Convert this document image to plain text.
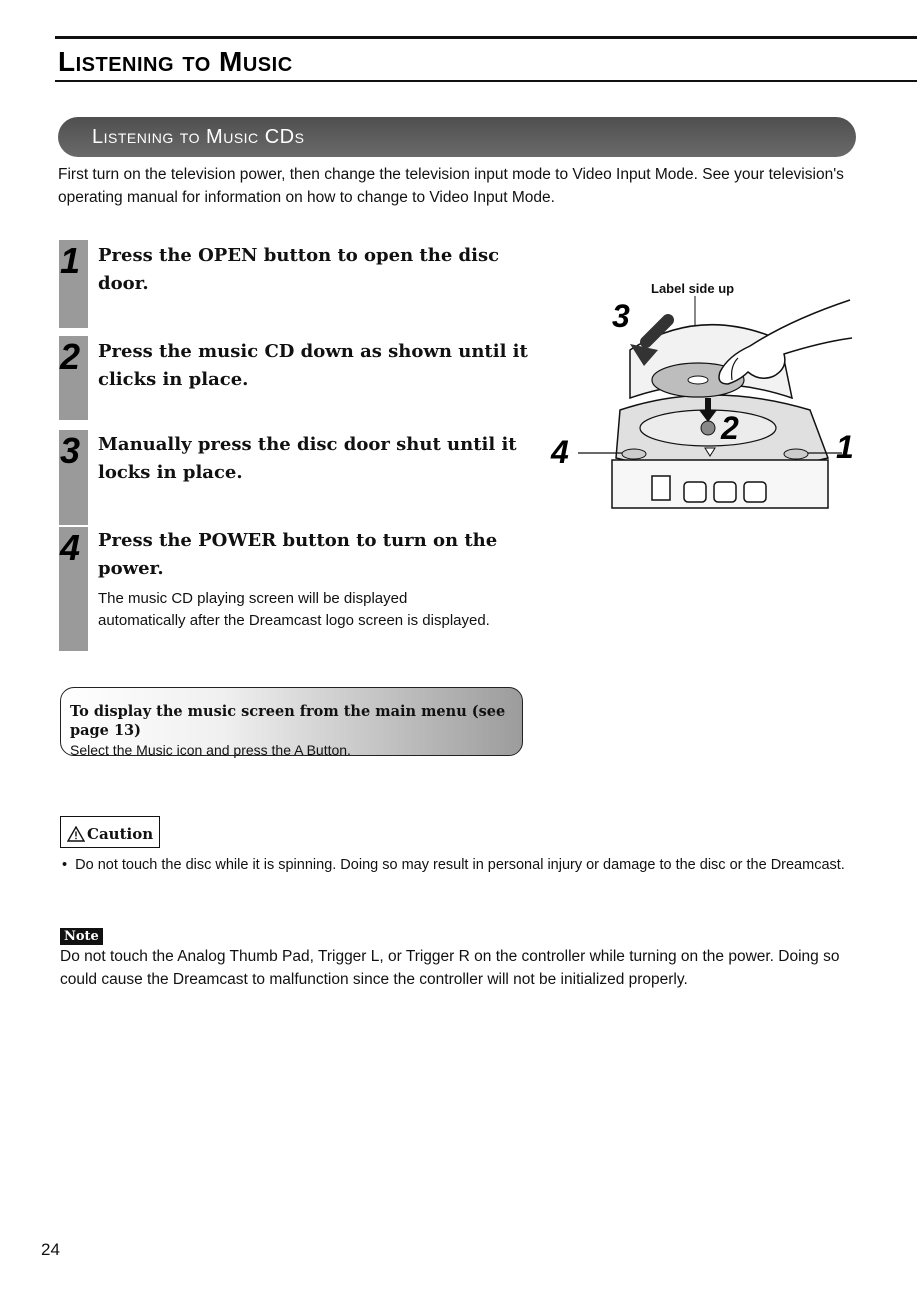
Listening to Music
Listening to Music CDs

First turn on the television power, then change the television input mode to Video Input Mode. See your television's operating manual for information on how to change to Video Input Mode.

1 Press the OPEN button to open the disc door.

2 Press the music CD down as shown until it clicks in place.

3 Manually press the disc door shut until it locks in place.

4 Press the POWER button to turn on the power.

The music CD playing screen will be displayed automatically after the Dreamcast logo screen is displayed.

Label side up
3
2
4	1

To display the music screen from the main menu (see page 13)

Select the Music icon and press the A Button.

Caution

•  Do not touch the disc while it is spinning. Doing so may result in personal injury or damage to the disc or the Dreamcast.

Note

Do not touch the Analog Thumb Pad, Trigger L, or Trigger R on the controller while turning on the power. Doing so could cause the Dreamcast to malfunction since the controller will not be initialized properly.

24
